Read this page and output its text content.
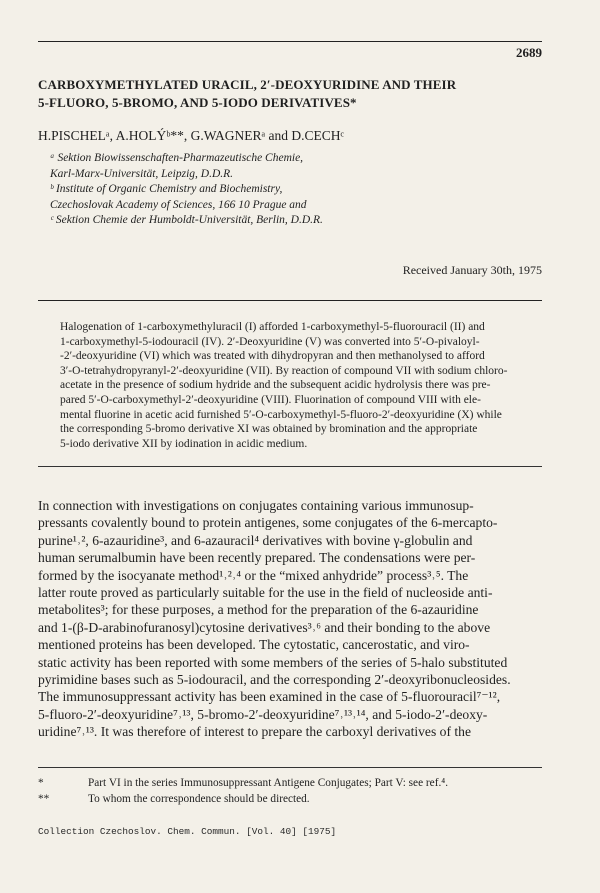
2689
CARBOXYMETHYLATED URACIL, 2′-DEOXYURIDINE AND THEIR
5-FLUORO, 5-BROMO, AND 5-IODO DERIVATIVES*
H.PISCHELᵃ, A.HOLÝᵇ**, G.WAGNERᵃ and D.CECHᶜ
ᵃ Sektion Biowissenschaften-Pharmazeutische Chemie,
Karl-Marx-Universität, Leipzig, D.D.R.
ᵇ Institute of Organic Chemistry and Biochemistry,
Czechoslovak Academy of Sciences, 166 10 Prague and
ᶜ Sektion Chemie der Humboldt-Universität, Berlin, D.D.R.
Received January 30th, 1975
Halogenation of 1-carboxymethyluracil (I) afforded 1-carboxymethyl-5-fluorouracil (II) and
1-carboxymethyl-5-iodouracil (IV). 2′-Deoxyuridine (V) was converted into 5′-O-pivaloyl-
-2′-deoxyuridine (VI) which was treated with dihydropyran and then methanolysed to afford
3′-O-tetrahydropyranyl-2′-deoxyuridine (VII). By reaction of compound VII with sodium chloro-
acetate in the presence of sodium hydride and the subsequent acidic hydrolysis there was pre-
pared 5′-O-carboxymethyl-2′-deoxyuridine (VIII). Fluorination of compound VIII with ele-
mental fluorine in acetic acid furnished 5′-O-carboxymethyl-5-fluoro-2′-deoxyuridine (X) while
the corresponding 5-bromo derivative XI was obtained by bromination and the appropriate
5-iodo derivative XII by iodination in acidic medium.
In connection with investigations on conjugates containing various immunosup-
pressants covalently bound to protein antigenes, some conjugates of the 6-mercapto-
purine¹˒², 6-azauridine³, and 6-azauracil⁴ derivatives with bovine γ-globulin and
human serumalbumin have been recently prepared. The condensations were per-
formed by the isocyanate method¹˒²˒⁴ or the “mixed anhydride” process³˒⁵. The
latter route proved as particularly suitable for the use in the field of nucleoside anti-
metabolites³; for these purposes, a method for the preparation of the 6-azauridine
and 1-(β-D-arabinofuranosyl)cytosine derivatives³˒⁶ and their bonding to the above
mentioned proteins has been developed. The cytostatic, cancerostatic, and viro-
static activity has been reported with some members of the series of 5-halo substituted
pyrimidine bases such as 5-iodouracil, and the corresponding 2′-deoxyribonucleosides.
The immunosuppressant activity has been examined in the case of 5-fluorouracil⁷⁻¹²,
5-fluoro-2′-deoxyuridine⁷˒¹³, 5-bromo-2′-deoxyuridine⁷˒¹³˒¹⁴, and 5-iodo-2′-deoxy-
uridine⁷˒¹³. It was therefore of interest to prepare the carboxyl derivatives of the
*	Part VI in the series Immunosuppressant Antigene Conjugates; Part V: see ref.⁴.
**	To whom the correspondence should be directed.
Collection Czechoslov. Chem. Commun. [Vol. 40] [1975]
